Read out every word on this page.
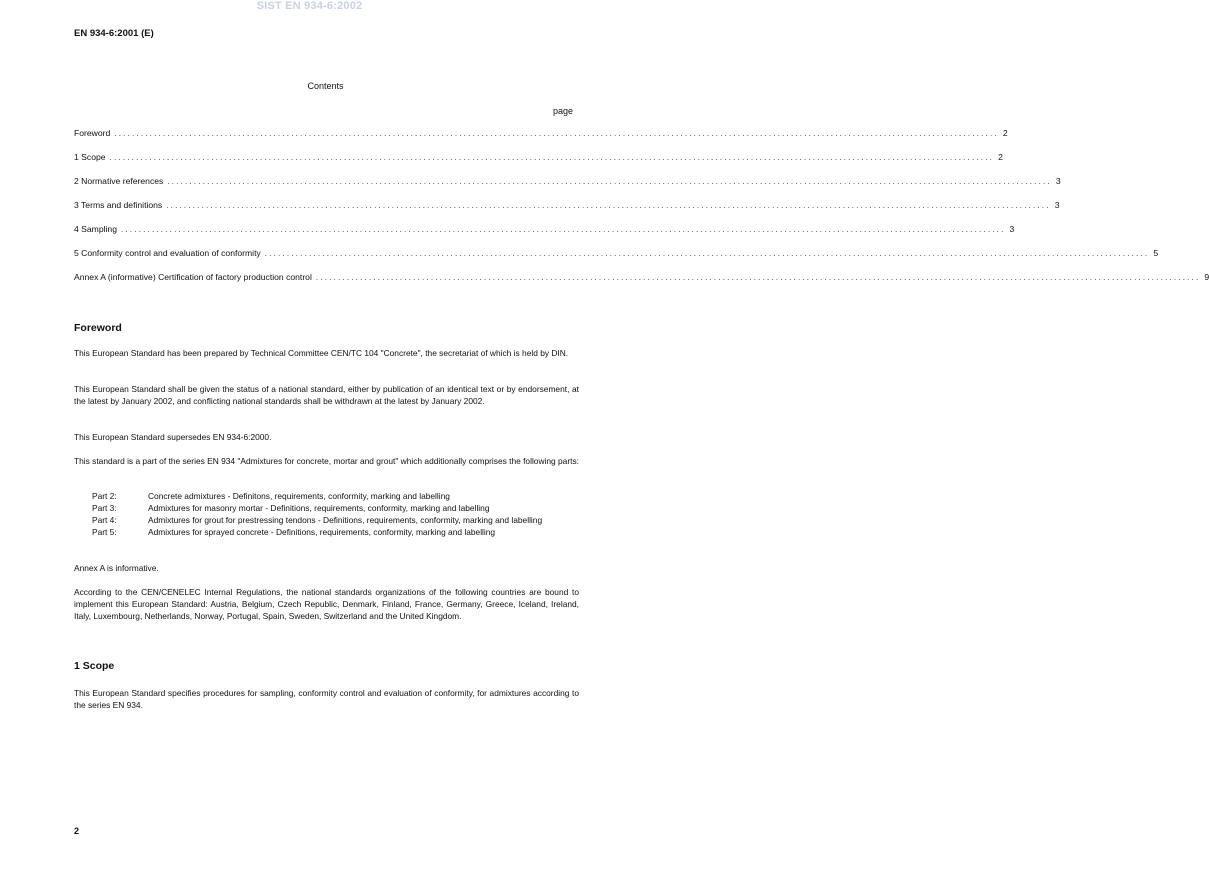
SIST EN 934-6:2002
EN 934-6:2001 (E)
Contents
page
Foreword ........................................................................................................................................................................................................ 2
1 Scope ........................................................................................................................................................................................................ 2
2 Normative references ........................................................................................................................................................................................................ 3
3 Terms and definitions ........................................................................................................................................................................................................ 3
4 Sampling ........................................................................................................................................................................................................ 3
5 Conformity control and evaluation of conformity ........................................................................................................................................................................................................ 5
Annex A (informative) Certification of factory production control ........................................................................................................................................................................................................ 9
Foreword

This European Standard has been prepared by Technical Committee CEN/TC 104 "Concrete", the secretariat of which is held by DIN.

This European Standard shall be given the status of a national standard, either by publication of an identical text or by endorsement, at the latest by January 2002, and conflicting national standards shall be withdrawn at the latest by January 2002.

This European Standard supersedes EN 934-6:2000.

This standard is a part of the series EN 934 "Admixtures for concrete, mortar and grout" which additionally comprises the following parts:

Part 2:	Concrete admixtures - Definitons, requirements, conformity, marking and labelling
Part 3:	Admixtures for masonry mortar - Definitions, requirements, conformity, marking and labelling
Part 4:	Admixtures for grout for prestressing tendons - Definitions, requirements, conformity, marking and labelling
Part 5:	Admixtures for sprayed concrete - Definitions, requirements, conformity, marking and labelling

Annex A is informative.

According to the CEN/CENELEC Internal Regulations, the national standards organizations of the following countries are bound to implement this European Standard: Austria, Belgium, Czech Republic, Denmark, Finland, France, Germany, Greece, Iceland, Ireland, Italy, Luxembourg, Netherlands, Norway, Portugal, Spain, Sweden, Switzerland and the United Kingdom.

1 Scope

This European Standard specifies procedures for sampling, conformity control and evaluation of conformity, for admixtures according to the series EN 934.

2
